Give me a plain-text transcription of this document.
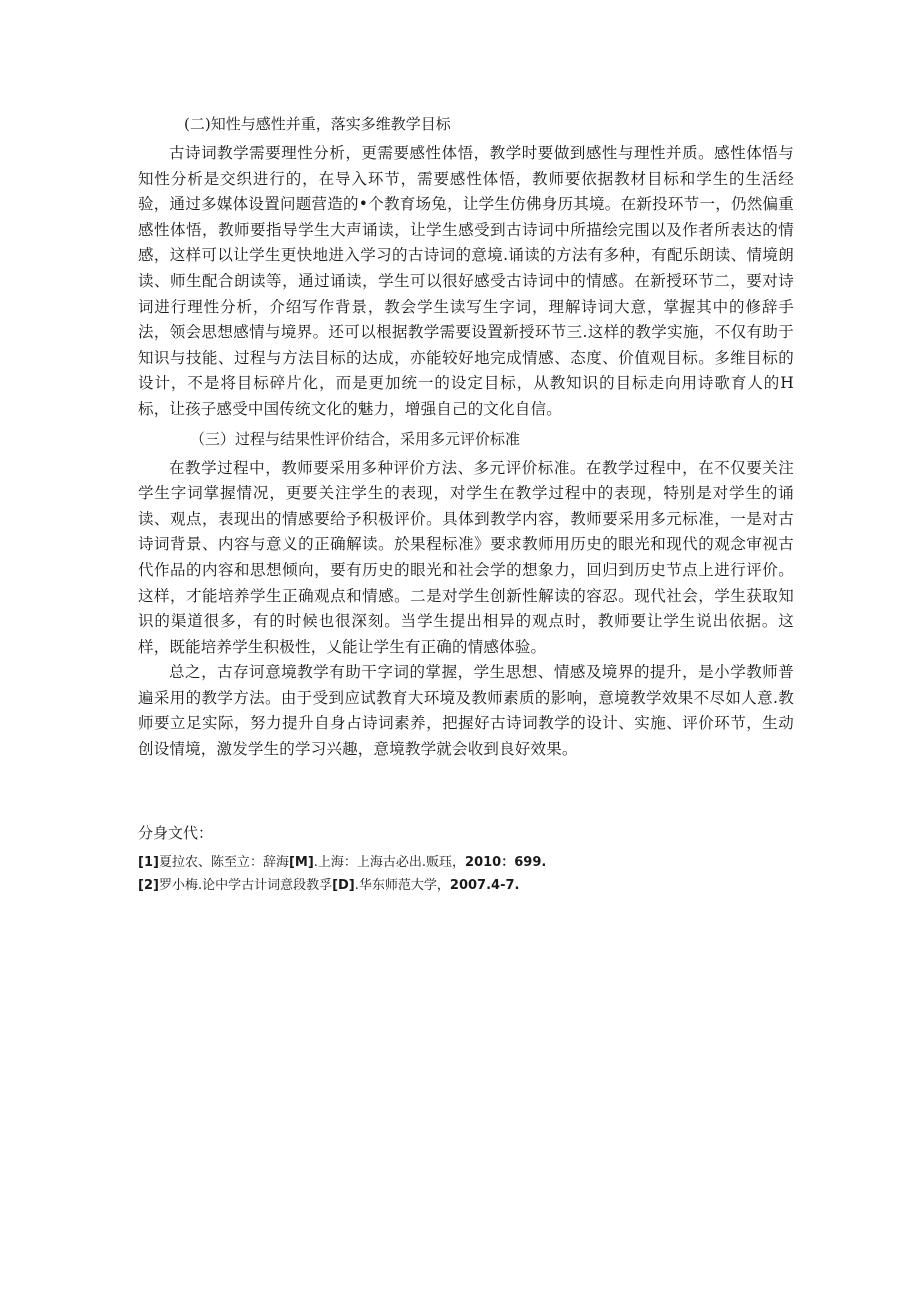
(二)知性与感性并重，落实多维教学目标

古诗词教学需要理性分析，更需要感性体悟，教学时要做到感性与理性并质。感性体悟与知性分析是交织进行的，在导入环节，需要感性体悟，教师要依据教材目标和学生的生活经验，通过多媒体设置问题营造的•个教育场兔，让学生仿佛身历其境。在新投环节一，仍然偏重感性体悟，教师要指导学生大声诵读，让学生感受到古诗词中所描绘完围以及作者所表达的情感，这样可以让学生更快地进入学习的古诗词的意境.诵读的方法有多种，有配乐朗读、情境朗读、师生配合朗读等，通过诵读，学生可以很好感受古诗词中的情感。在新授环节二，要对诗词进行理性分析，介绍写作背景，教会学生读写生字词，理解诗词大意，掌握其中的修辞手法，领会思想感情与境界。还可以根据教学需要设置新授环节三.这样的教学实施，不仅有助于知识与技能、过程与方法目标的达成，亦能较好地完成情感、态度、价值观目标。多维目标的设计，不是将目标碎片化，而是更加统一的设定目标，从教知识的目标走向用诗歌育人的H标，让孩子感受中国传统文化的魅力，增强自己的文化自信。

（三）过程与结果性评价结合，采用多元评价标准

在教学过程中，教师要采用多种评价方法、多元评价标准。在教学过程中，在不仅要关注学生字词掌握情况，更要关注学生的表现，对学生在教学过程中的表现，特别是对学生的诵读、观点，表现出的情感要给予积极评价。具体到教学内容，教师要采用多元标准，一是对古诗词背景、内容与意义的正确解读。於果程标准》要求教师用历史的眼光和现代的观念审视古代作品的内容和思想倾向，要有历史的眼光和社会学的想象力，回归到历史节点上进行评价。这样，才能培养学生正确观点和情感。二是对学生创新性解读的容忍。现代社会，学生获取知识的渠道很多，有的时候也很深刻。当学生提出相异的观点时，教师要让学生说出依据。这样，既能培养学生积极性，乂能让学生有正确的情感体验。

总之，古存诃意境教学有助干字词的掌握，学生思想、情感及境界的提升，是小学教师普遍采用的教学方法。由于受到应试教育大环境及教师素质的影响，意境教学效果不尽如人意.教师要立足实际，努力提升自身占诗词素养，把握好古诗词教学的设计、实施、评价环节，生动创设情境，激发学生的学习兴趣，意境教学就会收到良好效果。

分身文代：

[1]夏拉农、陈至立：辞海[M].上海：上海古必出.贩珏，2010：699.

[2]罗小梅.论中学古计词意段教孚[D].华东师范大学，2007.4-7.
